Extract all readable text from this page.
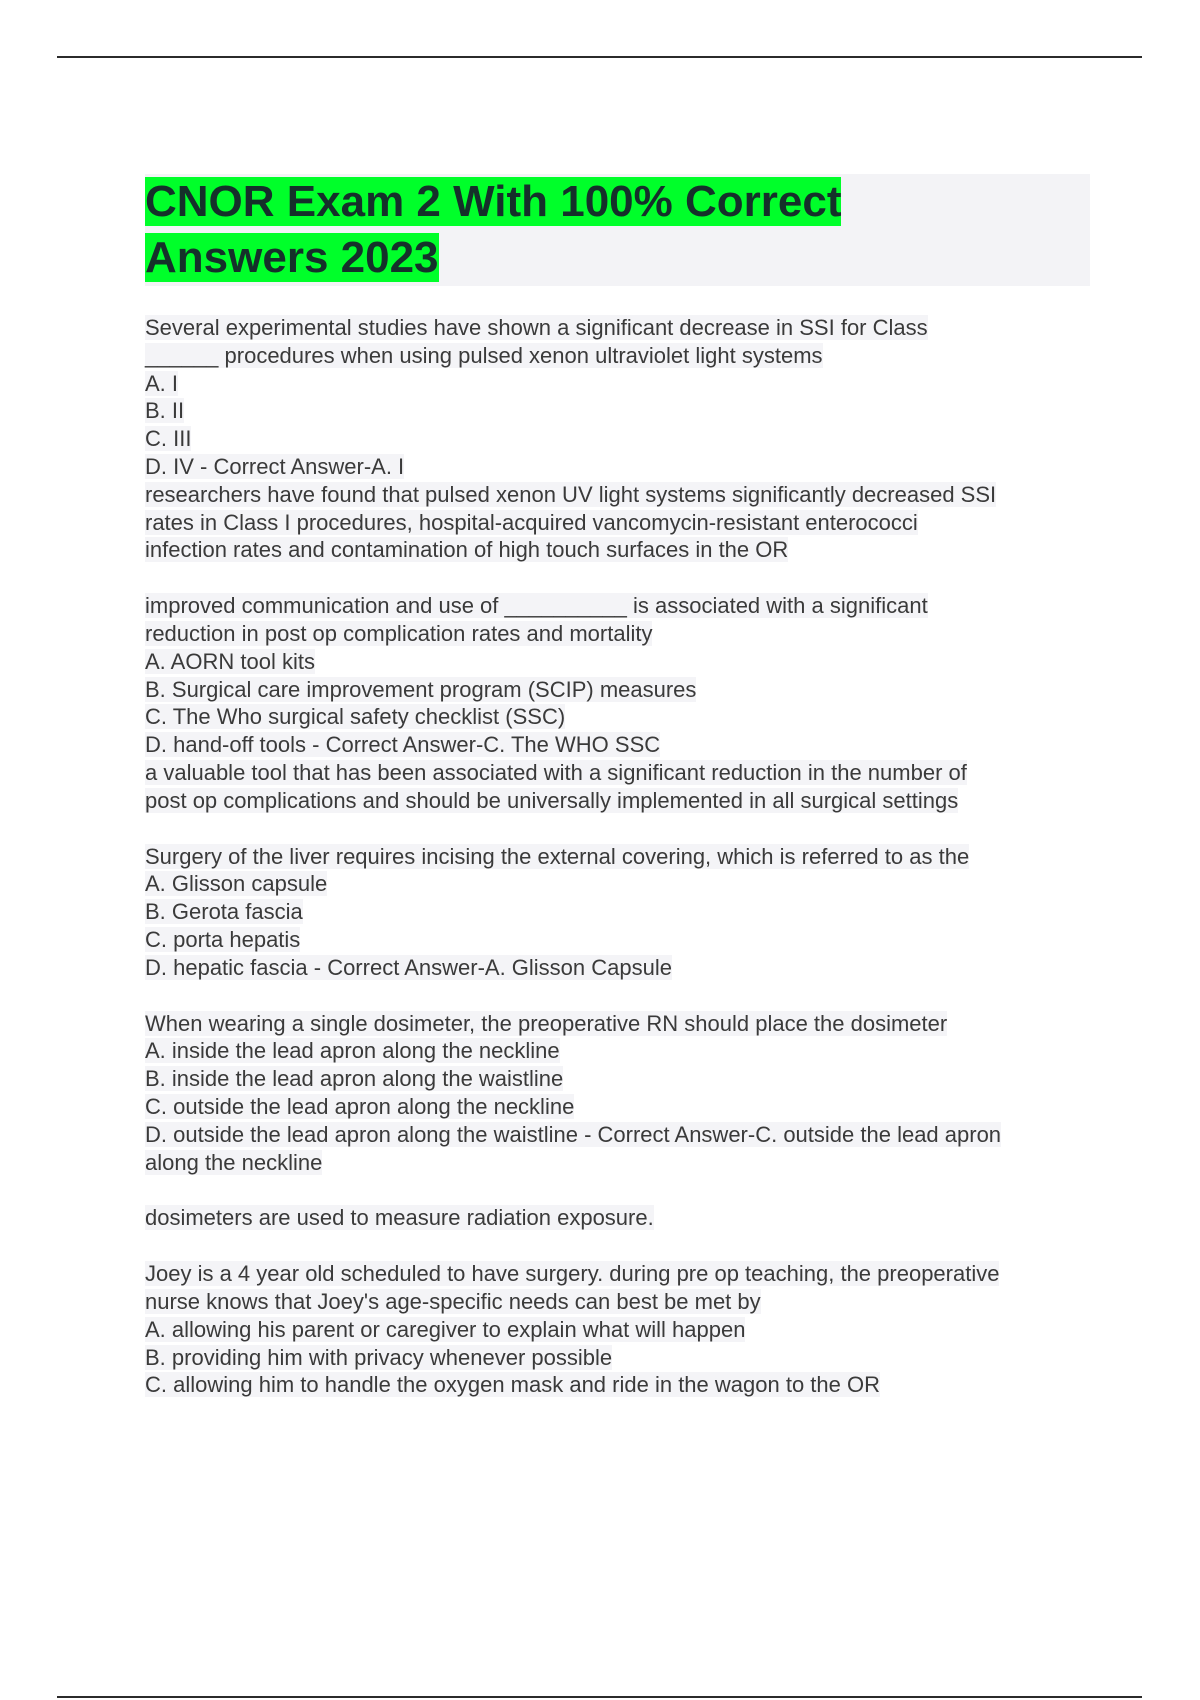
CNOR Exam 2 With 100% Correct
Answers 2023
Several experimental studies have shown a significant decrease in SSI for Class
______ procedures when using pulsed xenon ultraviolet light systems
A. I
B. II
C. III
D. IV - Correct Answer-A. I
researchers have found that pulsed xenon UV light systems significantly decreased SSI
rates in Class I procedures, hospital-acquired vancomycin-resistant enterococci
infection rates and contamination of high touch surfaces in the OR
improved communication and use of __________ is associated with a significant
reduction in post op complication rates and mortality
A. AORN tool kits
B. Surgical care improvement program (SCIP) measures
C. The Who surgical safety checklist (SSC)
D. hand-off tools - Correct Answer-C. The WHO SSC
a valuable tool that has been associated with a significant reduction in the number of
post op complications and should be universally implemented in all surgical settings
Surgery of the liver requires incising the external covering, which is referred to as the
A. Glisson capsule
B. Gerota fascia
C. porta hepatis
D. hepatic fascia - Correct Answer-A. Glisson Capsule
When wearing a single dosimeter, the preoperative RN should place the dosimeter
A. inside the lead apron along the neckline
B. inside the lead apron along the waistline
C. outside the lead apron along the neckline
D. outside the lead apron along the waistline - Correct Answer-C. outside the lead apron
along the neckline
dosimeters are used to measure radiation exposure.
Joey is a 4 year old scheduled to have surgery. during pre op teaching, the preoperative
nurse knows that Joey's age-specific needs can best be met by
A. allowing his parent or caregiver to explain what will happen
B. providing him with privacy whenever possible
C. allowing him to handle the oxygen mask and ride in the wagon to the OR
